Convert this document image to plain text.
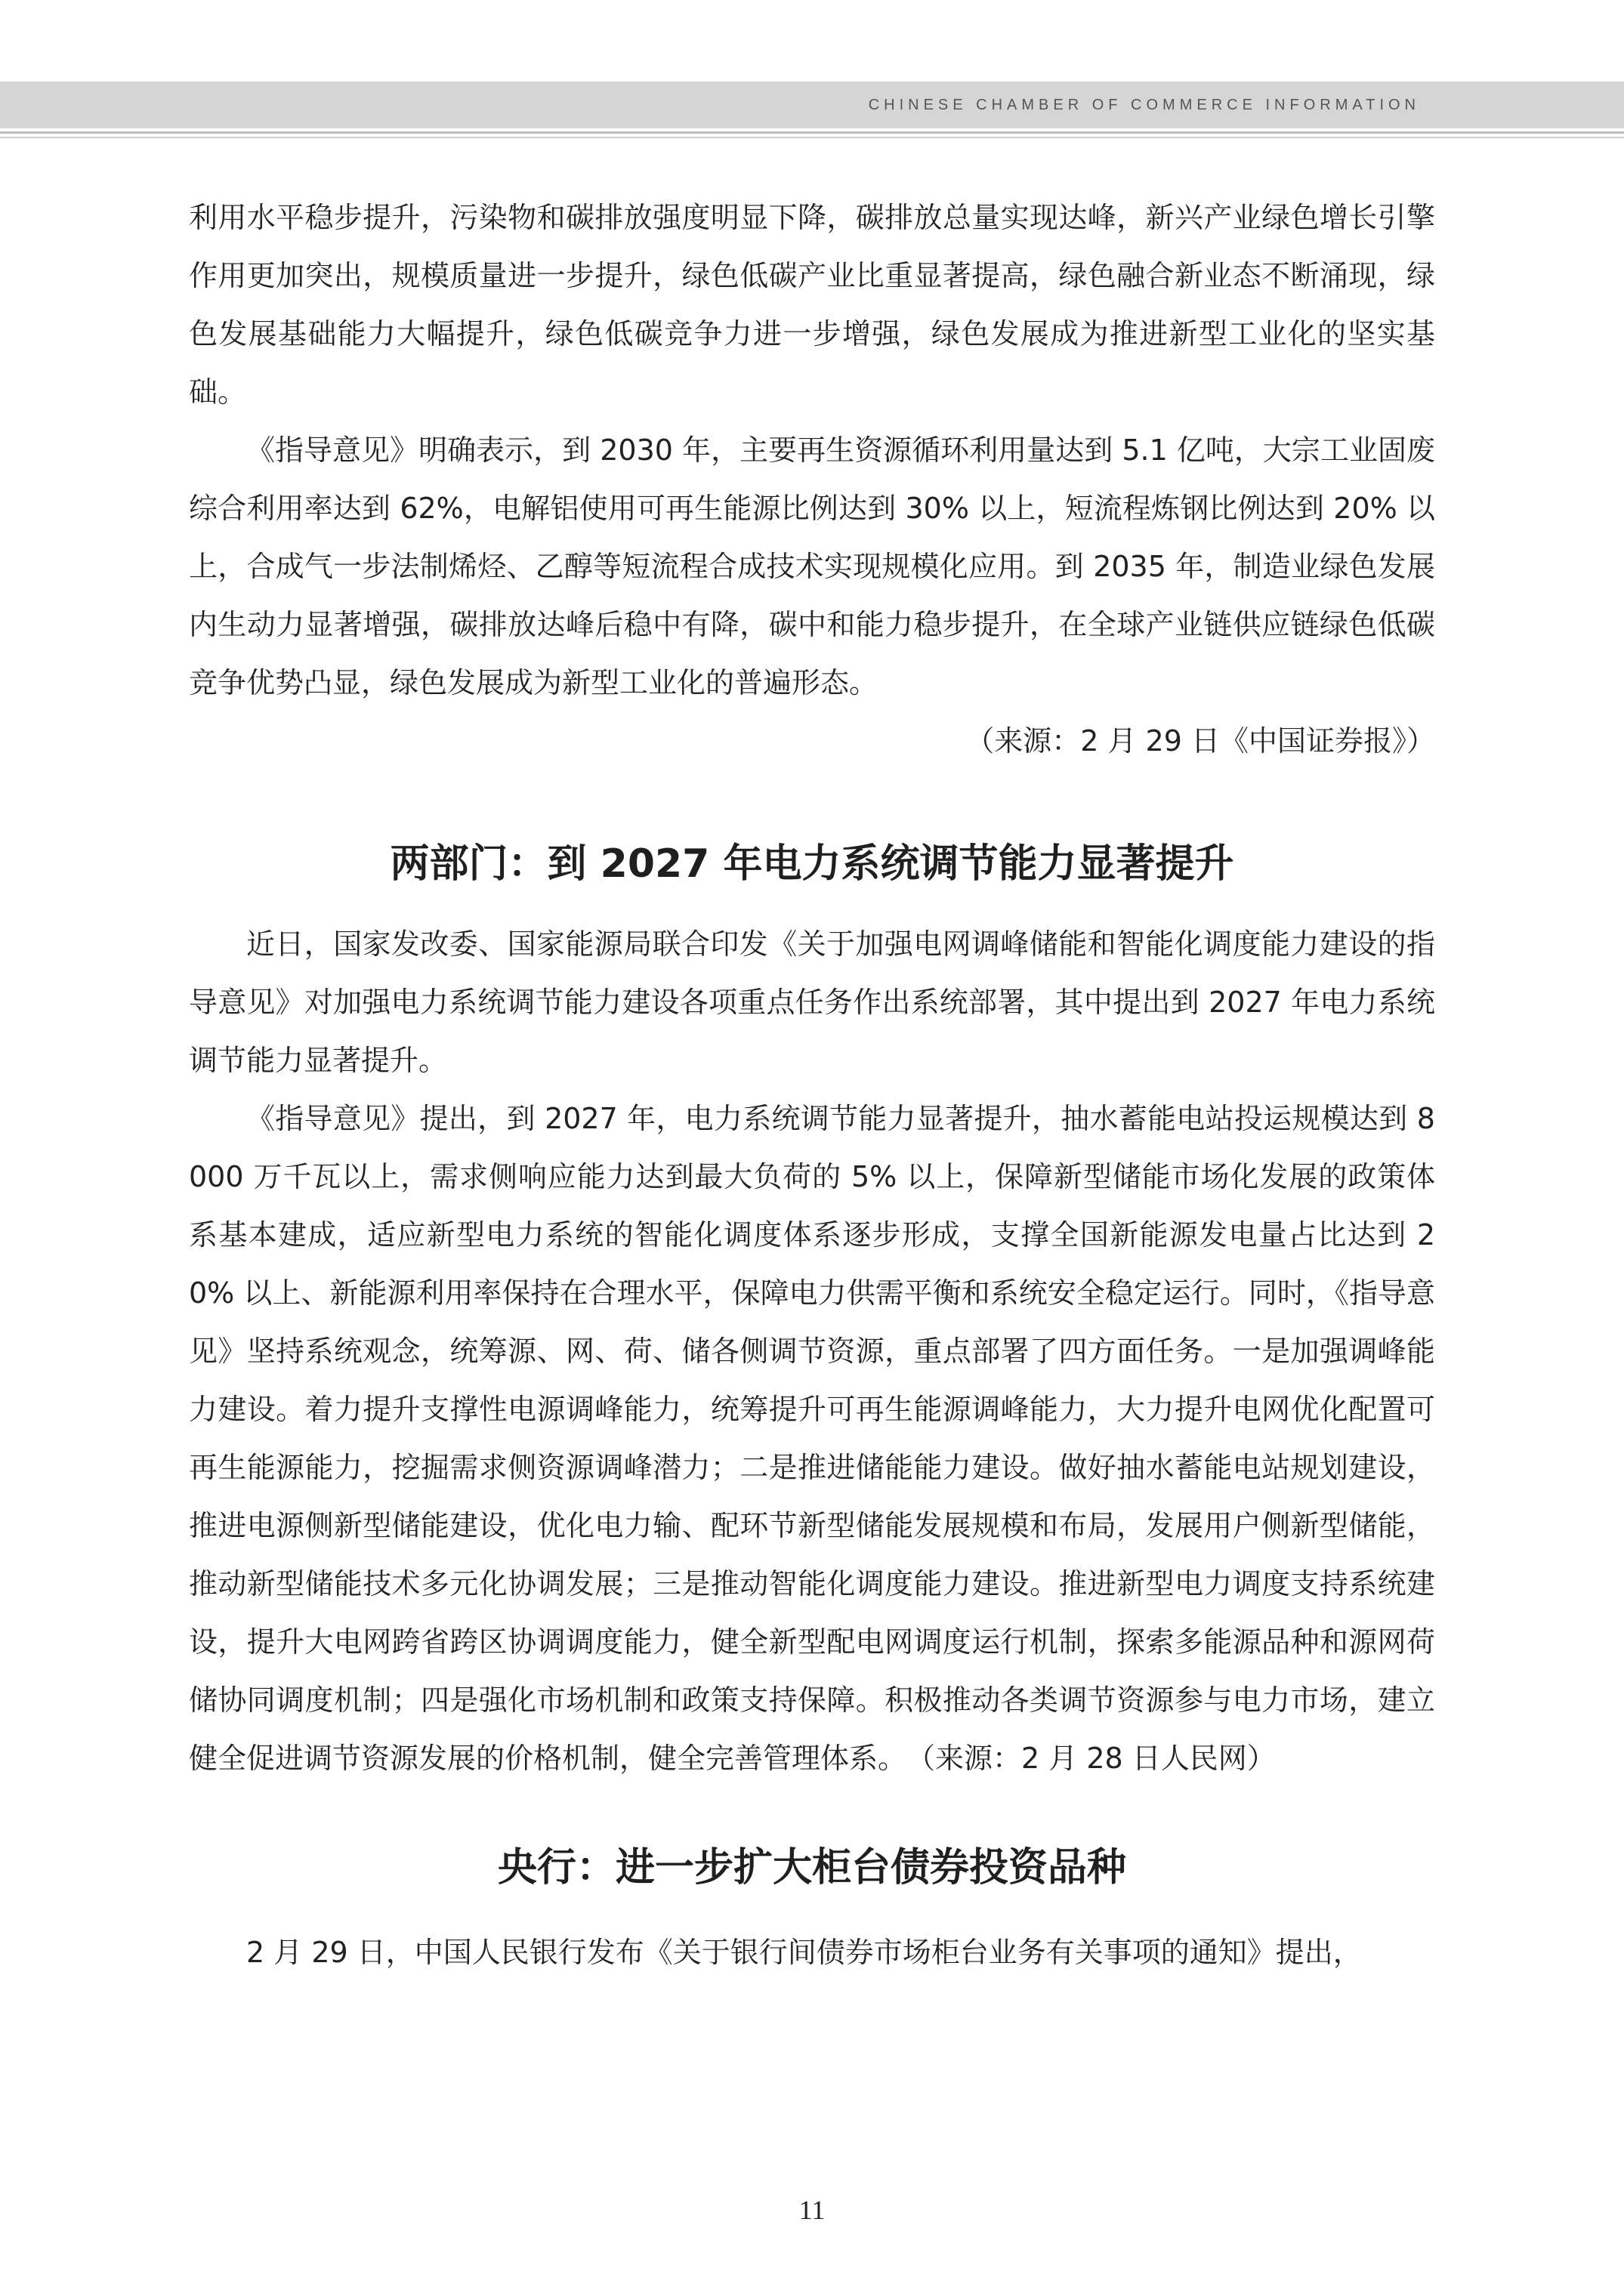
CHINESE CHAMBER OF COMMERCE INFORMATION

利用水平稳步提升，污染物和碳排放强度明显下降，碳排放总量实现达峰，新兴产业绿色增长引擎作用更加突出，规模质量进一步提升，绿色低碳产业比重显著提高，绿色融合新业态不断涌现，绿色发展基础能力大幅提升，绿色低碳竞争力进一步增强，绿色发展成为推进新型工业化的坚实基础。

《指导意见》明确表示，到 2030 年，主要再生资源循环利用量达到 5.1 亿吨，大宗工业固废综合利用率达到 62%，电解铝使用可再生能源比例达到 30% 以上，短流程炼钢比例达到 20% 以上，合成气一步法制烯烃、乙醇等短流程合成技术实现规模化应用。到 2035 年，制造业绿色发展内生动力显著增强，碳排放达峰后稳中有降，碳中和能力稳步提升，在全球产业链供应链绿色低碳竞争优势凸显，绿色发展成为新型工业化的普遍形态。

（来源：2 月 29 日《中国证券报》）

两部门：到 2027 年电力系统调节能力显著提升

近日，国家发改委、国家能源局联合印发《关于加强电网调峰储能和智能化调度能力建设的指导意见》对加强电力系统调节能力建设各项重点任务作出系统部署，其中提出到 2027 年电力系统调节能力显著提升。

《指导意见》提出，到 2027 年，电力系统调节能力显著提升，抽水蓄能电站投运规模达到 8000 万千瓦以上，需求侧响应能力达到最大负荷的 5% 以上，保障新型储能市场化发展的政策体系基本建成，适应新型电力系统的智能化调度体系逐步形成，支撑全国新能源发电量占比达到 20% 以上、新能源利用率保持在合理水平，保障电力供需平衡和系统安全稳定运行。同时，《指导意见》坚持系统观念，统筹源、网、荷、储各侧调节资源，重点部署了四方面任务。一是加强调峰能力建设。着力提升支撑性电源调峰能力，统筹提升可再生能源调峰能力，大力提升电网优化配置可再生能源能力，挖掘需求侧资源调峰潜力；二是推进储能能力建设。做好抽水蓄能电站规划建设，推进电源侧新型储能建设，优化电力输、配环节新型储能发展规模和布局，发展用户侧新型储能，推动新型储能技术多元化协调发展；三是推动智能化调度能力建设。推进新型电力调度支持系统建设，提升大电网跨省跨区协调调度能力，健全新型配电网调度运行机制，探索多能源品种和源网荷储协同调度机制；四是强化市场机制和政策支持保障。积极推动各类调节资源参与电力市场，建立健全促进调节资源发展的价格机制，健全完善管理体系。　 （来源：2 月 28 日人民网）

央行：进一步扩大柜台债券投资品种

2 月 29 日，中国人民银行发布《关于银行间债券市场柜台业务有关事项的通知》提出，

11
